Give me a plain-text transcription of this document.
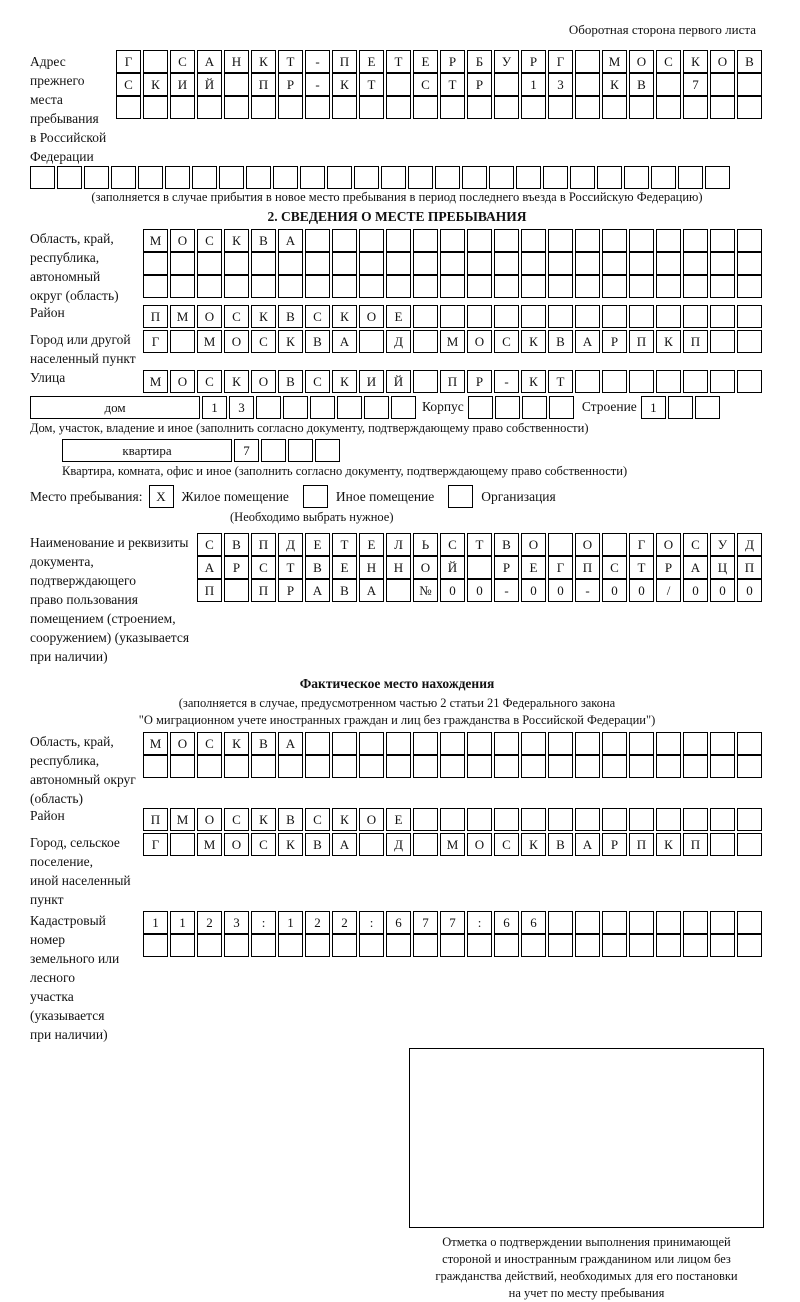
Оборотная сторона первого листа
Адрес прежнего
места пребывания
в Российской
Федерации
Г	С	А	Н	К	Т	-	П	Е	Т	Е	Р	Б	У	Р	Г	М	О	С	К	О	В
С	К	И	Й	П	Р	-	К	Т	С	Т	Р	1	3	К	В	7
(заполняется в случае прибытия в новое место пребывания в период последнего въезда в Российскую Федерацию)
2. СВЕДЕНИЯ О МЕСТЕ ПРЕБЫВАНИЯ
Область, край,
республика,
автономный
округ (область)
М	О	С	К	В	А
Район	П	М	О	С	К	В	С	К	О	Е
Город или другой
населенный пункт
Г	М	О	С	К	В	А	Д	М	О	С	К	В	А	Р	П	К	П
Улица	М	О	С	К	О	В	С	К	И	Й	П	Р	-	К	Т
дом	1	3	Корпус	Строение	1
Дом, участок, владение и иное (заполнить согласно документу, подтверждающему право собственности)
квартира	7
Квартира, комната, офис и иное (заполнить согласно документу, подтверждающему право собственности)
Место пребывания:	Х	Жилое помещение	Иное помещение	Организация
(Необходимо выбрать нужное)
Наименование и реквизиты
документа, подтверждающего
право пользования
помещением (строением,
сооружением) (указывается
при наличии)
С	В	П	Д	Е	Т	Е	Л	Ь	С	Т	В	О	О	Г	О	С	У	Д
А	Р	С	Т	В	Е	Н	Н	О	Й	Р	Е	Г	П	С	Т	Р	А	Ц	П
П	П	Р	А	В	А	№	0	0	-	0	0	-	0	0	/	0	0	0
Фактическое место нахождения
(заполняется в случае, предусмотренном частью 2 статьи 21 Федерального закона
"О миграционном учете иностранных граждан и лиц без гражданства в Российской Федерации")
Область, край,
республика,
автономный округ
(область)
М	О	С	К	В	А
Район	П	М	О	С	К	В	С	К	О	Е
Город, сельское поселение,
иной населенный пункт
Г	М	О	С	К	В	А	Д	М	О	С	К	В	А	Р	П	К	П
Кадастровый номер
земельного или лесного
участка (указывается
при наличии)
1	1	2	3	:	1	2	2	:	6	7	7	:	6	6
Отметка о подтверждении выполнения принимающей
стороной и иностранным гражданином или лицом без
гражданства действий, необходимых для его постановки
на учет по месту пребывания
